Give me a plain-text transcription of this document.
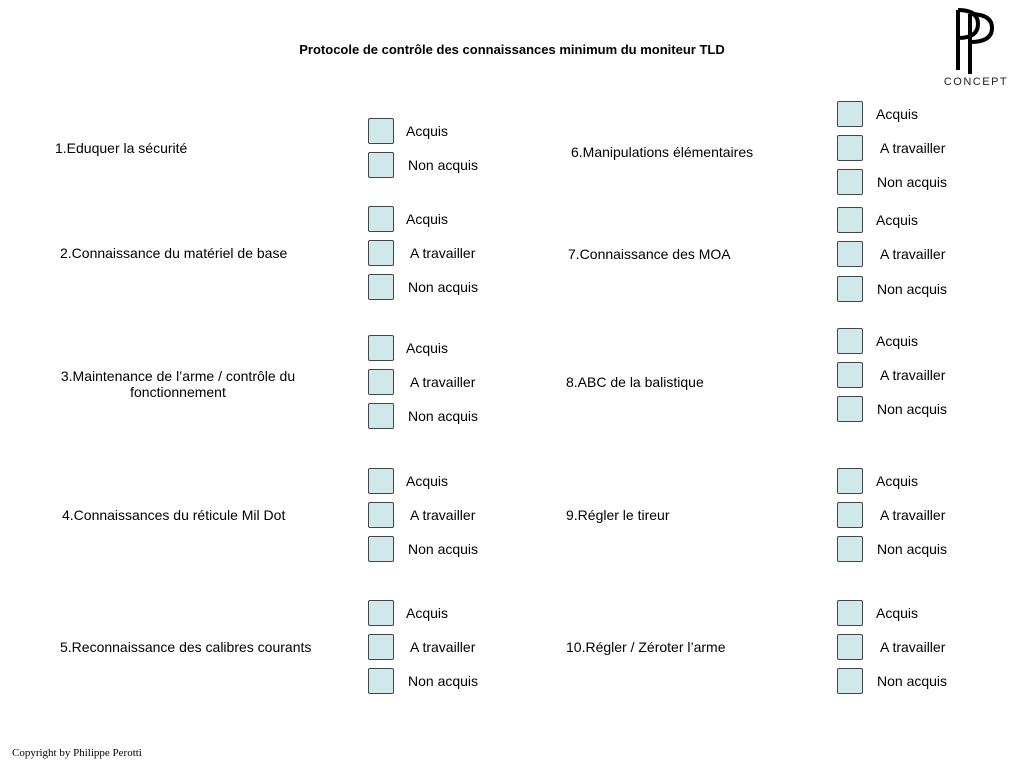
Protocole de contrôle des connaissances minimum du moniteur TLD
CONCEPT
1.Eduquer la sécurité
Acquis
Non acquis
2.Connaissance du matériel de base
Acquis
A travailler
Non acquis
3.Maintenance de l’arme / contrôle du fonctionnement
Acquis
A travailler
Non acquis
4.Connaissances du réticule Mil Dot
Acquis
A travailler
Non acquis
5.Reconnaissance des calibres courants
Acquis
A travailler
Non acquis
6.Manipulations élémentaires
Acquis
A travailler
Non acquis
7.Connaissance des MOA
Acquis
A travailler
Non acquis
8.ABC de la balistique
Acquis
A travailler
Non acquis
9.Régler le tireur
Acquis
A travailler
Non acquis
10.Régler / Zéroter l’arme
Acquis
A travailler
Non acquis
Copyright by Philippe Perotti
